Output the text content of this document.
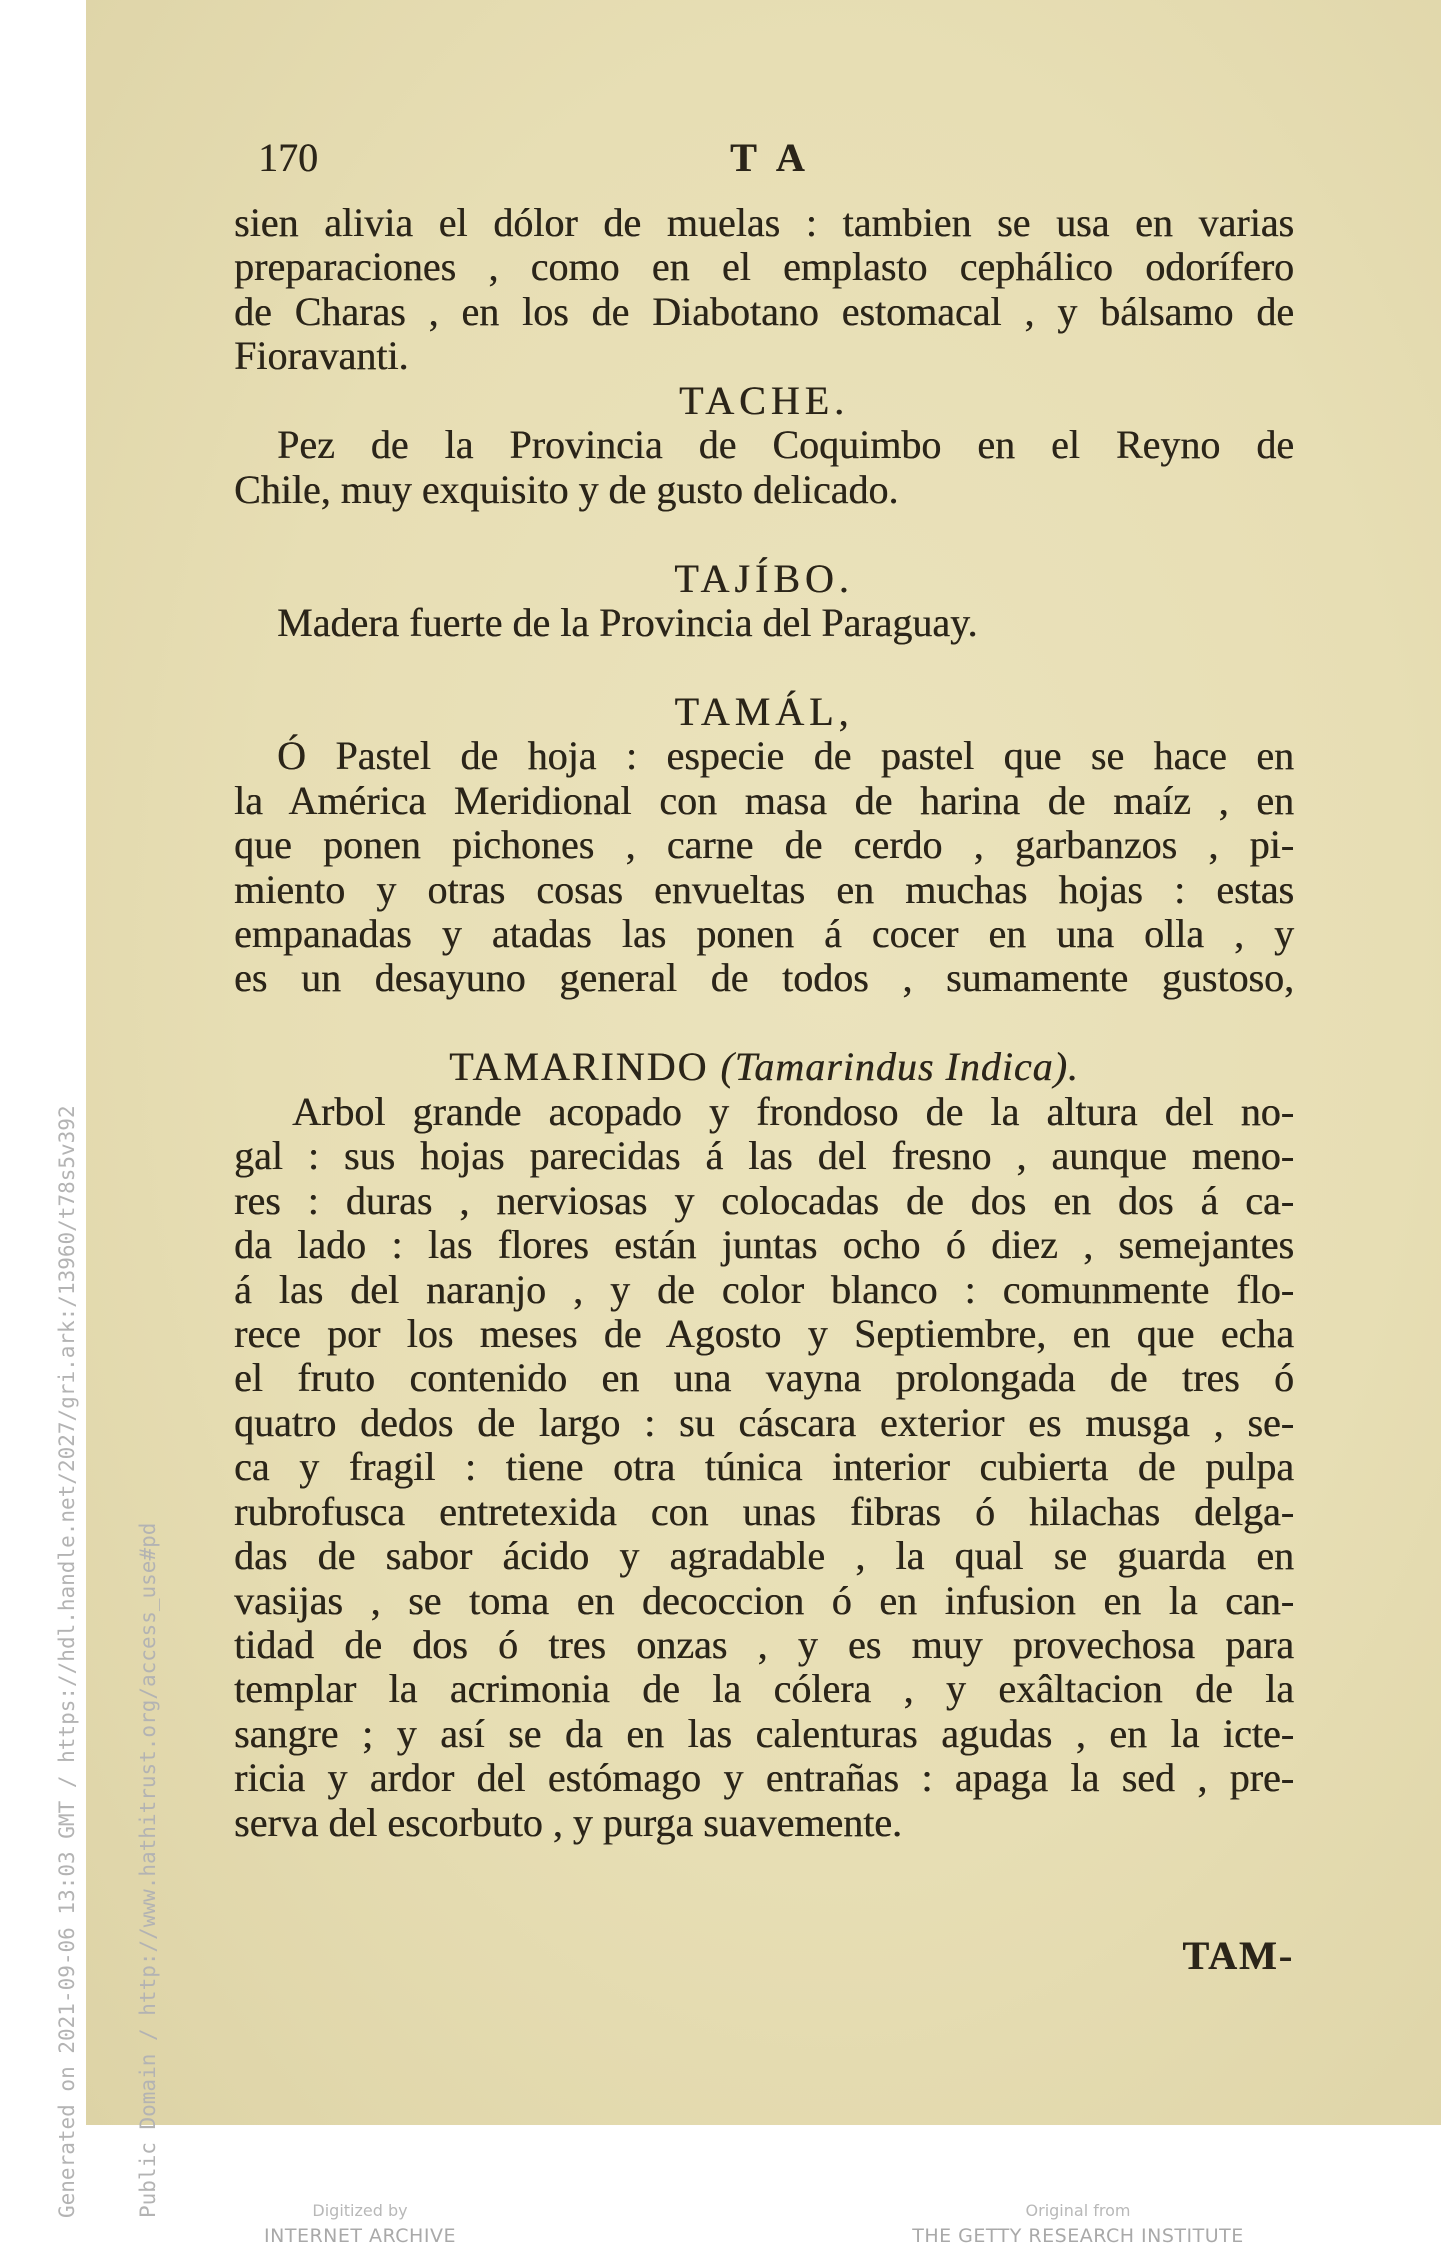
170	T A
sien alivia el dólor de muelas : tambien se usa en varias
preparaciones , como en el emplasto cephálico odorífero
de Charas , en los de Diabotano estomacal , y bálsamo de
Fioravanti.
TACHE.
Pez de la Provincia de Coquimbo en el Reyno de
Chile, muy exquisito y de gusto delicado.
TAJÍBO.
Madera fuerte de la Provincia del Paraguay.
TAMÁL,
Ó Pastel de hoja : especie de pastel que se hace en
la América Meridional con masa de harina de maíz , en
que ponen pichones , carne de cerdo , garbanzos , pi-
miento y otras cosas envueltas en muchas hojas : estas
empanadas y atadas las ponen á cocer en una olla , y
es un desayuno general de todos , sumamente gustoso,
TAMARINDO (Tamarindus Indica).
Arbol grande acopado y frondoso de la altura del no-
gal : sus hojas parecidas á las del fresno , aunque meno-
res : duras , nerviosas y colocadas de dos en dos á ca-
da lado : las flores están juntas ocho ó diez , semejantes
á las del naranjo , y de color blanco : comunmente flo-
rece por los meses de Agosto y Septiembre, en que echa
el fruto contenido en una vayna prolongada de tres ó
quatro dedos de largo : su cáscara exterior es musga , se-
ca y fragil : tiene otra túnica interior cubierta de pulpa
rubrofusca entretexida con unas fibras ó hilachas delga-
das de sabor ácido y agradable , la qual se guarda en
vasijas , se toma en decoccion ó en infusion en la can-
tidad de dos ó tres onzas , y es muy provechosa para
templar la acrimonia de la cólera , y exâltacion de la
sangre ; y así se da en las calenturas agudas , en la icte-
ricia y ardor del estómago y entrañas : apaga la sed , pre-
serva del escorbuto , y purga suavemente.
TAM-
Digitized by
INTERNET ARCHIVE
Original from
THE GETTY RESEARCH INSTITUTE

Generated on 2021-09-06 13:03 GMT / https://hdl.handle.net/2027/gri.ark:/13960/t78s5v392

	Public Domain / http://www.hathitrust.org/access_use#pd
